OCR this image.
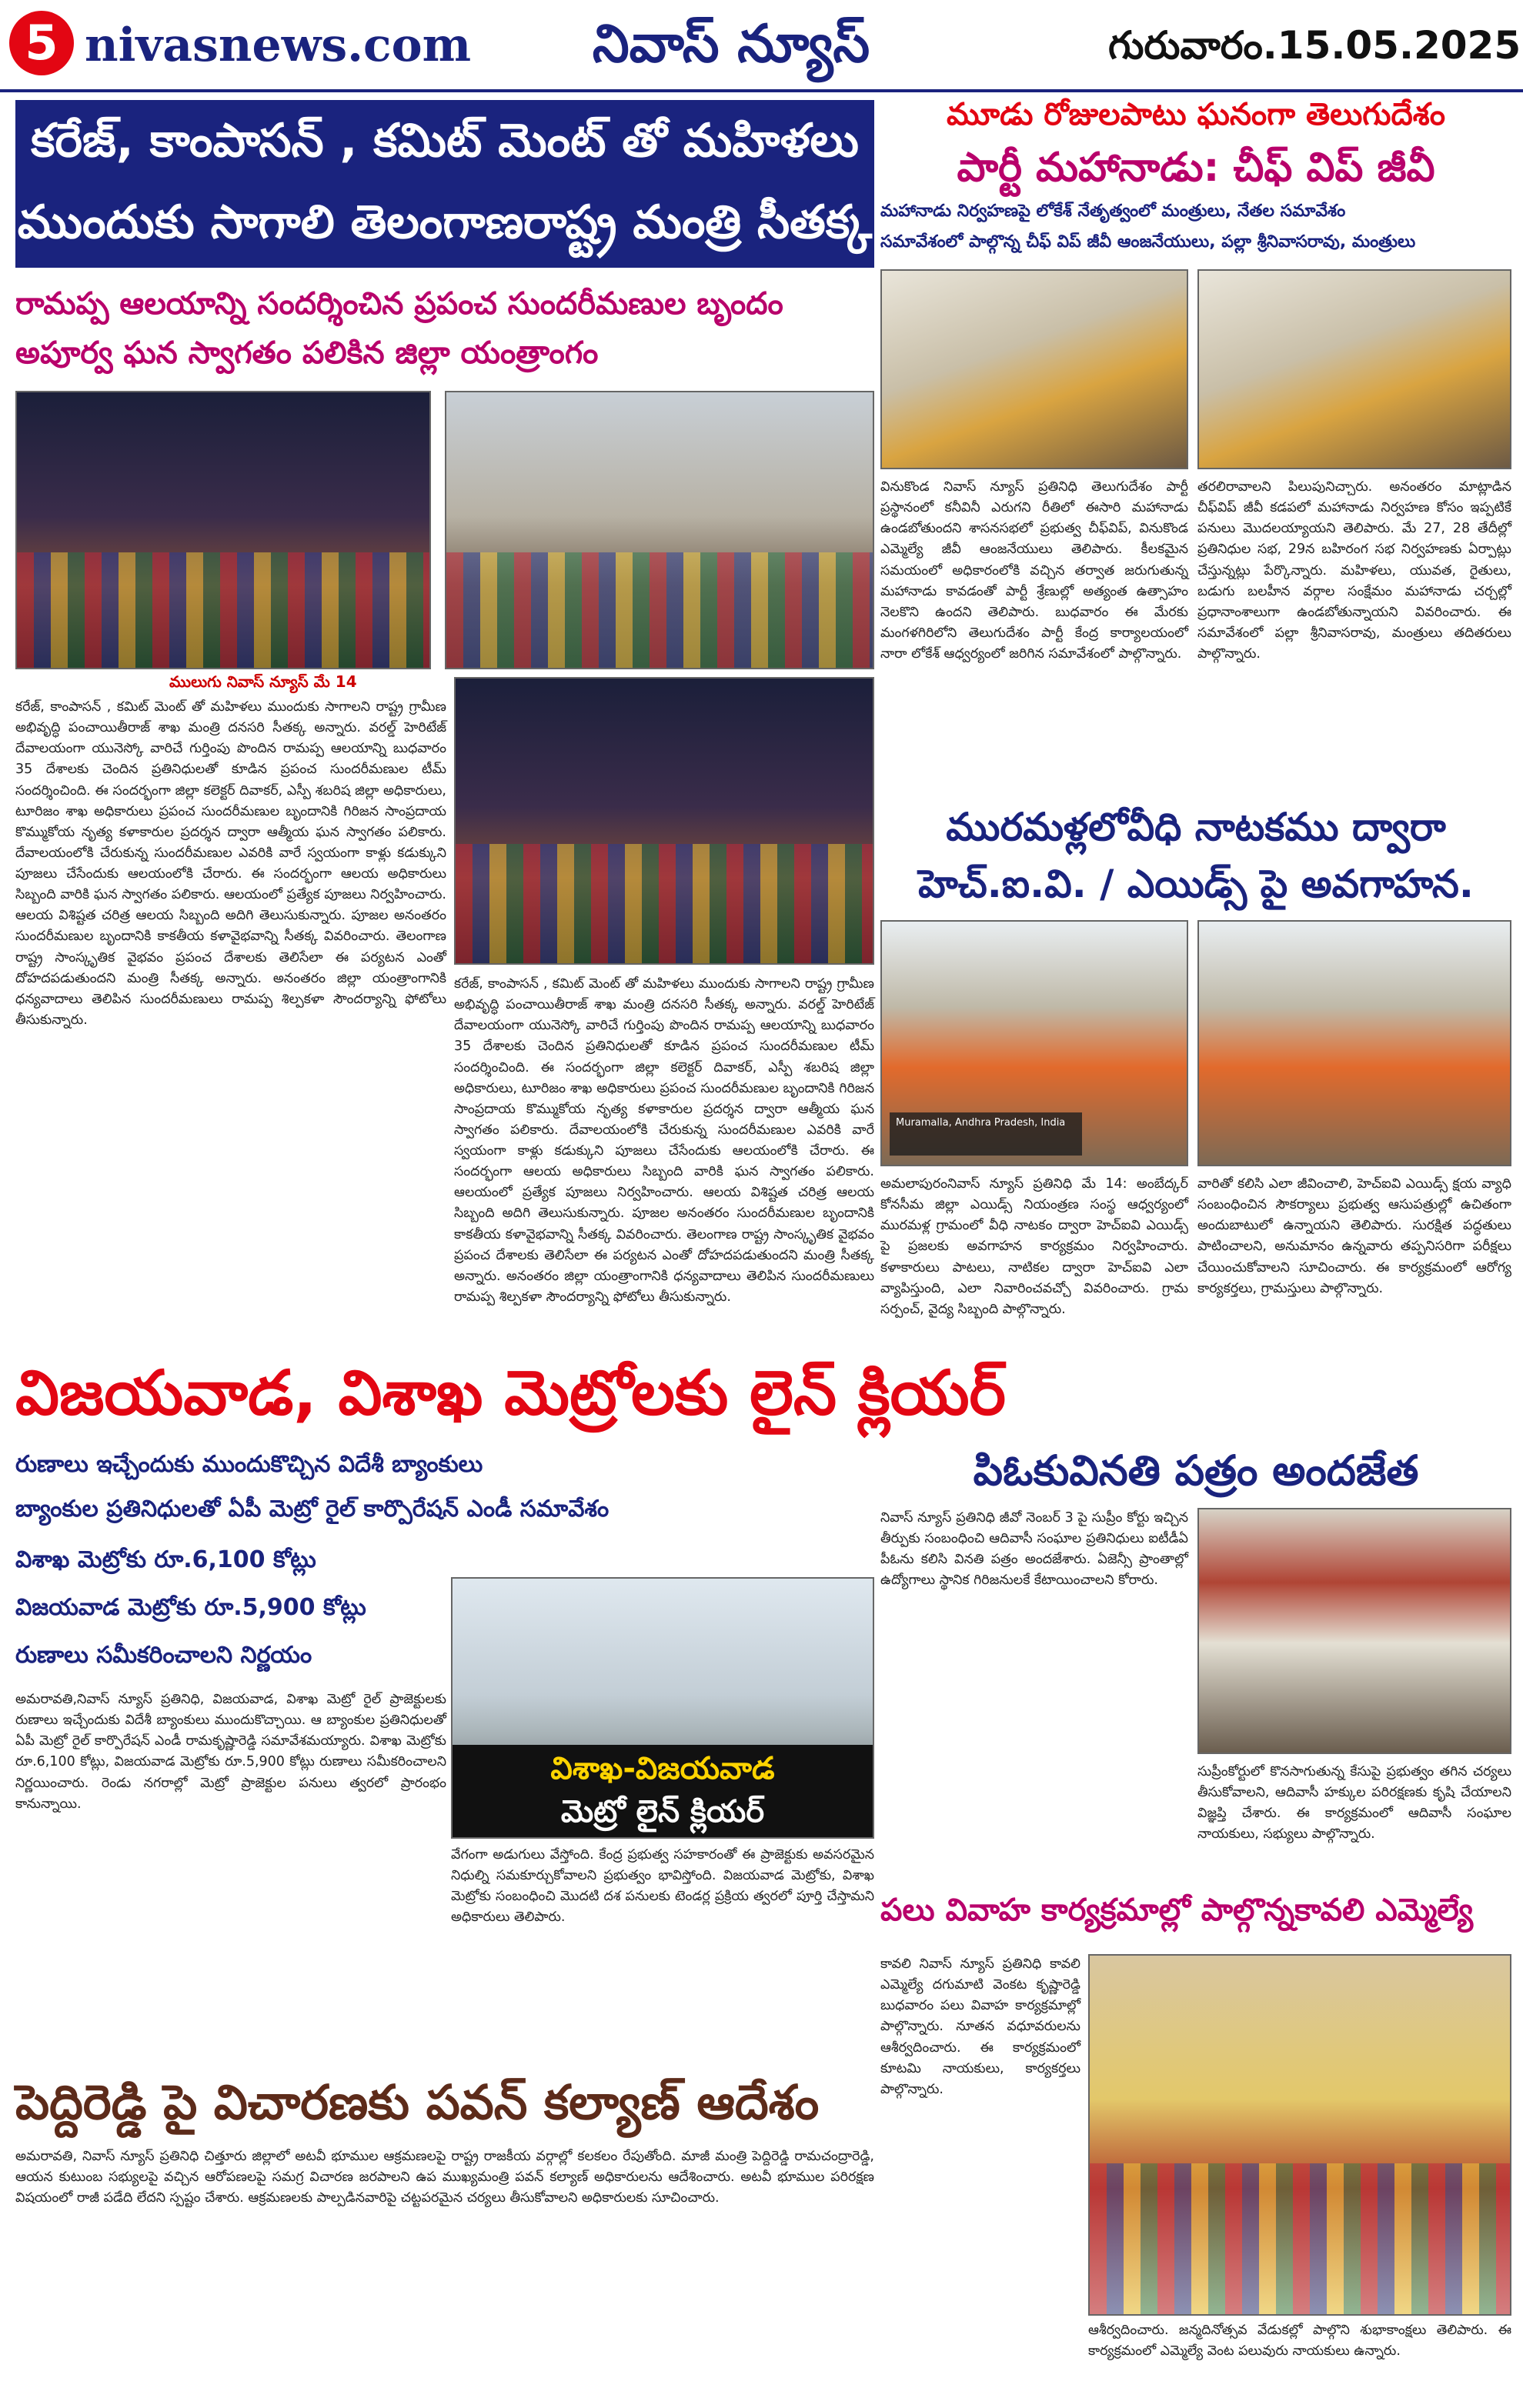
5 nivasnews.com	నివాస్ న్యూస్	గురువారం.15.05.2025
కరేజ్, కాంపాసన్ , కమిట్ మెంట్ తో మహిళలు
ముందుకు సాగాలి తెలంగాణరాష్ట్ర మంత్రి సీతక్క
రామప్ప ఆలయాన్ని సందర్శించిన ప్రపంచ సుందరీమణుల బృందం
అపూర్వ ఘన స్వాగతం పలికిన జిల్లా యంత్రాంగం
ములుగు నివాస్ న్యూస్ మే 14
కరేజ్, కాంపాసన్ , కమిట్ మెంట్ తో మహిళలు ముందుకు సాగాలని రాష్ట్ర గ్రామీణ అభివృద్ధి పంచాయితీరాజ్ శాఖ మంత్రి దనసరి సీతక్క అన్నారు. వరల్డ్ హెరిటేజ్ దేవాలయంగా యునెస్కో వారిచే గుర్తింపు పొందిన రామప్ప ఆలయాన్ని బుధవారం 35 దేశాలకు చెందిన ప్రతినిధులతో కూడిన ప్రపంచ సుందరీమణుల టీమ్ సందర్శించింది. ఈ సందర్భంగా జిల్లా కలెక్టర్ దివాకర్, ఎస్పీ శబరిష జిల్లా అధికారులు, టూరిజం శాఖ అధికారులు ప్రపంచ సుందరీమణుల బృందానికి గిరిజన సాంప్రదాయ కొమ్ముకోయ నృత్య కళాకారుల ప్రదర్శన ద్వారా ఆత్మీయ ఘన స్వాగతం పలికారు. దేవాలయంలోకి చేరుకున్న సుందరీమణుల ఎవరికి వారే స్వయంగా కాళ్లు కడుక్కుని పూజలు చేసేందుకు ఆలయంలోకి చేరారు. ఈ సందర్భంగా ఆలయ అధికారులు సిబ్బంది వారికి ఘన స్వాగతం పలికారు. ఆలయంలో ప్రత్యేక పూజలు నిర్వహించారు. ఆలయ విశిష్టత చరిత్ర ఆలయ సిబ్బంది అదిగి తెలుసుకున్నారు. పూజల అనంతరం సుందరీమణుల బృందానికి కాకతీయ కళావైభవాన్ని సీతక్క వివరించారు. తెలంగాణ రాష్ట్ర సాంస్కృతిక వైభవం ప్రపంచ దేశాలకు తెలిసేలా ఈ పర్యటన ఎంతో దోహదపడుతుందని మంత్రి సీతక్క అన్నారు. అనంతరం జిల్లా యంత్రాంగానికి ధన్యవాదాలు తెలిపిన సుందరీమణులు రామప్ప శిల్పకళా సౌందర్యాన్ని ఫోటోలు తీసుకున్నారు.
కరేజ్, కాంపాసన్ , కమిట్ మెంట్ తో మహిళలు ముందుకు సాగాలని రాష్ట్ర గ్రామీణ అభివృద్ధి పంచాయితీరాజ్ శాఖ మంత్రి దనసరి సీతక్క అన్నారు. వరల్డ్ హెరిటేజ్ దేవాలయంగా యునెస్కో వారిచే గుర్తింపు పొందిన రామప్ప ఆలయాన్ని బుధవారం 35 దేశాలకు చెందిన ప్రతినిధులతో కూడిన ప్రపంచ సుందరీమణుల టీమ్ సందర్శించింది. ఈ సందర్భంగా జిల్లా కలెక్టర్ దివాకర్, ఎస్పీ శబరిష జిల్లా అధికారులు, టూరిజం శాఖ అధికారులు ప్రపంచ సుందరీమణుల బృందానికి గిరిజన సాంప్రదాయ కొమ్ముకోయ నృత్య కళాకారుల ప్రదర్శన ద్వారా ఆత్మీయ ఘన స్వాగతం పలికారు. దేవాలయంలోకి చేరుకున్న సుందరీమణుల ఎవరికి వారే స్వయంగా కాళ్లు కడుక్కుని పూజలు చేసేందుకు ఆలయంలోకి చేరారు. ఈ సందర్భంగా ఆలయ అధికారులు సిబ్బంది వారికి ఘన స్వాగతం పలికారు. ఆలయంలో ప్రత్యేక పూజలు నిర్వహించారు. ఆలయ విశిష్టత చరిత్ర ఆలయ సిబ్బంది అదిగి తెలుసుకున్నారు. పూజల అనంతరం సుందరీమణుల బృందానికి కాకతీయ కళావైభవాన్ని సీతక్క వివరించారు. తెలంగాణ రాష్ట్ర సాంస్కృతిక వైభవం ప్రపంచ దేశాలకు తెలిసేలా ఈ పర్యటన ఎంతో దోహదపడుతుందని మంత్రి సీతక్క అన్నారు. అనంతరం జిల్లా యంత్రాంగానికి ధన్యవాదాలు తెలిపిన సుందరీమణులు రామప్ప శిల్పకళా సౌందర్యాన్ని ఫోటోలు తీసుకున్నారు.
మూడు రోజులపాటు ఘనంగా తెలుగుదేశం
పార్టీ మహానాడు: చీఫ్ విప్ జీవీ
మహానాడు నిర్వహణపై లోకేశ్ నేతృత్వంలో మంత్రులు, నేతల సమావేశం
సమావేశంలో పాల్గొన్న చీఫ్ విప్ జీవీ ఆంజనేయులు, పల్లా శ్రీనివాసరావు, మంత్రులు
వినుకొండ నివాస్ న్యూస్ ప్రతినిధి తెలుగుదేశం పార్టీ ప్రస్థానంలో కనీవినీ ఎరుగని రీతిలో ఈసారి మహానాడు ఉండబోతుందని శాసనసభలో ప్రభుత్వ చీఫ్‌విప్, వినుకొండ ఎమ్మెల్యే జీవీ ఆంజనేయులు తెలిపారు. కీలకమైన సమయంలో అధికారంలోకి వచ్చిన తర్వాత జరుగుతున్న మహానాడు కావడంతో పార్టీ శ్రేణుల్లో అత్యంత ఉత్సాహం నెలకొని ఉందని తెలిపారు. బుధవారం ఈ మేరకు మంగళగిరిలోని తెలుగుదేశం పార్టీ కేంద్ర కార్యాలయంలో నారా లోకేశ్ ఆధ్వర్యంలో జరిగిన సమావేశంలో పాల్గొన్నారు.
తరలిరావాలని పిలుపునిచ్చారు. అనంతరం మాట్లాడిన చీఫ్‌విప్ జీవీ కడపలో మహానాడు నిర్వహణ కోసం ఇప్పటికే పనులు మొదలయ్యాయని తెలిపారు. మే 27, 28 తేదీల్లో ప్రతినిధుల సభ, 29న బహిరంగ సభ నిర్వహణకు ఏర్పాట్లు చేస్తున్నట్లు పేర్కొన్నారు. మహిళలు, యువత, రైతులు, బడుగు బలహీన వర్గాల సంక్షేమం మహానాడు చర్చల్లో ప్రధానాంశాలుగా ఉండబోతున్నాయని వివరించారు. ఈ సమావేశంలో పల్లా శ్రీనివాసరావు, మంత్రులు తదితరులు పాల్గొన్నారు.
మురమళ్లలోవీధి నాటకము ద్వారా
హెచ్.ఐ.వి. / ఎయిడ్స్ పై అవగాహన.
Muramalla, Andhra Pradesh, India
అమలాపురంనివాస్ న్యూస్ ప్రతినిధి మే 14: అంబేద్కర్ కోనసీమ జిల్లా ఎయిడ్స్ నియంత్రణ సంస్థ ఆధ్వర్యంలో మురమళ్ల గ్రామంలో వీధి నాటకం ద్వారా హెచ్ఐవి ఎయిడ్స్ పై ప్రజలకు అవగాహన కార్యక్రమం నిర్వహించారు. కళాకారులు పాటలు, నాటికల ద్వారా హెచ్ఐవి ఎలా వ్యాపిస్తుంది, ఎలా నివారించవచ్చో వివరించారు. గ్రామ సర్పంచ్, వైద్య సిబ్బంది పాల్గొన్నారు.
వారితో కలిసి ఎలా జీవించాలి, హెచ్ఐవి ఎయిడ్స్ క్షయ వ్యాధి సంబంధించిన సౌకర్యాలు ప్రభుత్వ ఆసుపత్రుల్లో ఉచితంగా అందుబాటులో ఉన్నాయని తెలిపారు. సురక్షిత పద్ధతులు పాటించాలని, అనుమానం ఉన్నవారు తప్పనిసరిగా పరీక్షలు చేయించుకోవాలని సూచించారు. ఈ కార్యక్రమంలో ఆరోగ్య కార్యకర్తలు, గ్రామస్తులు పాల్గొన్నారు.
విజయవాడ, విశాఖ మెట్రోలకు లైన్ క్లియర్
రుణాలు ఇచ్చేందుకు ముందుకొచ్చిన విదేశీ బ్యాంకులు
బ్యాంకుల ప్రతినిధులతో ఏపీ మెట్రో రైల్ కార్పొరేషన్ ఎండీ సమావేశం
విశాఖ మెట్రోకు రూ.6,100 కోట్లు
విజయవాడ మెట్రోకు రూ.5,900 కోట్లు
రుణాలు సమీకరించాలని నిర్ణయం
విశాఖ-విజయవాడ
మెట్రో లైన్ క్లియర్
అమరావతి,నివాస్ న్యూస్ ప్రతినిధి, విజయవాడ, విశాఖ మెట్రో రైల్ ప్రాజెక్టులకు రుణాలు ఇచ్చేందుకు విదేశీ బ్యాంకులు ముందుకొచ్చాయి. ఆ బ్యాంకుల ప్రతినిధులతో ఏపీ మెట్రో రైల్ కార్పొరేషన్ ఎండీ రామకృష్ణారెడ్డి సమావేశమయ్యారు. విశాఖ మెట్రోకు రూ.6,100 కోట్లు, విజయవాడ మెట్రోకు రూ.5,900 కోట్లు రుణాలు సమీకరించాలని నిర్ణయించారు. రెండు నగరాల్లో మెట్రో ప్రాజెక్టుల పనులు త్వరలో ప్రారంభం కానున్నాయి.
వేగంగా అడుగులు వేస్తోంది. కేంద్ర ప్రభుత్వ సహకారంతో ఈ ప్రాజెక్టుకు అవసరమైన నిధుల్ని సమకూర్చుకోవాలని ప్రభుత్వం భావిస్తోంది. విజయవాడ మెట్రోకు, విశాఖ మెట్రోకు సంబంధించి మొదటి దశ పనులకు టెండర్ల ప్రక్రియ త్వరలో పూర్తి చేస్తామని అధికారులు తెలిపారు.
పెద్దిరెడ్డి పై విచారణకు పవన్ కల్యాణ్ ఆదేశం
అమరావతి, నివాస్ న్యూస్ ప్రతినిధి చిత్తూరు జిల్లాలో అటవీ భూముల ఆక్రమణలపై రాష్ట్ర రాజకీయ వర్గాల్లో కలకలం రేపుతోంది. మాజీ మంత్రి పెద్దిరెడ్డి రామచంద్రారెడ్డి, ఆయన కుటుంబ సభ్యులపై వచ్చిన ఆరోపణలపై సమగ్ర విచారణ జరపాలని ఉప ముఖ్యమంత్రి పవన్ కల్యాణ్ అధికారులను ఆదేశించారు. అటవీ భూముల పరిరక్షణ విషయంలో రాజీ పడేది లేదని స్పష్టం చేశారు. ఆక్రమణలకు పాల్పడినవారిపై చట్టపరమైన చర్యలు తీసుకోవాలని అధికారులకు సూచించారు.
పిఓకువినతి పత్రం అందజేత
నివాస్ న్యూస్ ప్రతినిధి జీవో నెంబర్ 3 పై సుప్రీం కోర్టు ఇచ్చిన తీర్పుకు సంబంధించి ఆదివాసీ సంఘాల ప్రతినిధులు ఐటీడీఏ పీఓను కలిసి వినతి పత్రం అందజేశారు. ఏజెన్సీ ప్రాంతాల్లో ఉద్యోగాలు స్థానిక గిరిజనులకే కేటాయించాలని కోరారు.
సుప్రీంకోర్టులో కొనసాగుతున్న కేసుపై ప్రభుత్వం తగిన చర్యలు తీసుకోవాలని, ఆదివాసీ హక్కుల పరిరక్షణకు కృషి చేయాలని విజ్ఞప్తి చేశారు. ఈ కార్యక్రమంలో ఆదివాసీ సంఘాల నాయకులు, సభ్యులు పాల్గొన్నారు.
పలు వివాహ కార్యక్రమాల్లో పాల్గొన్నకావలి ఎమ్మెల్యే
కావలి నివాస్ న్యూస్ ప్రతినిధి కావలి ఎమ్మెల్యే దగుమాటి వెంకట కృష్ణారెడ్డి బుధవారం పలు వివాహ కార్యక్రమాల్లో పాల్గొన్నారు. నూతన వధూవరులను ఆశీర్వదించారు. ఈ కార్యక్రమంలో కూటమి నాయకులు, కార్యకర్తలు పాల్గొన్నారు.
ఆశీర్వదించారు. జన్మదినోత్సవ వేడుకల్లో పాల్గొని శుభాకాంక్షలు తెలిపారు. ఈ కార్యక్రమంలో ఎమ్మెల్యే వెంట పలువురు నాయకులు ఉన్నారు.
